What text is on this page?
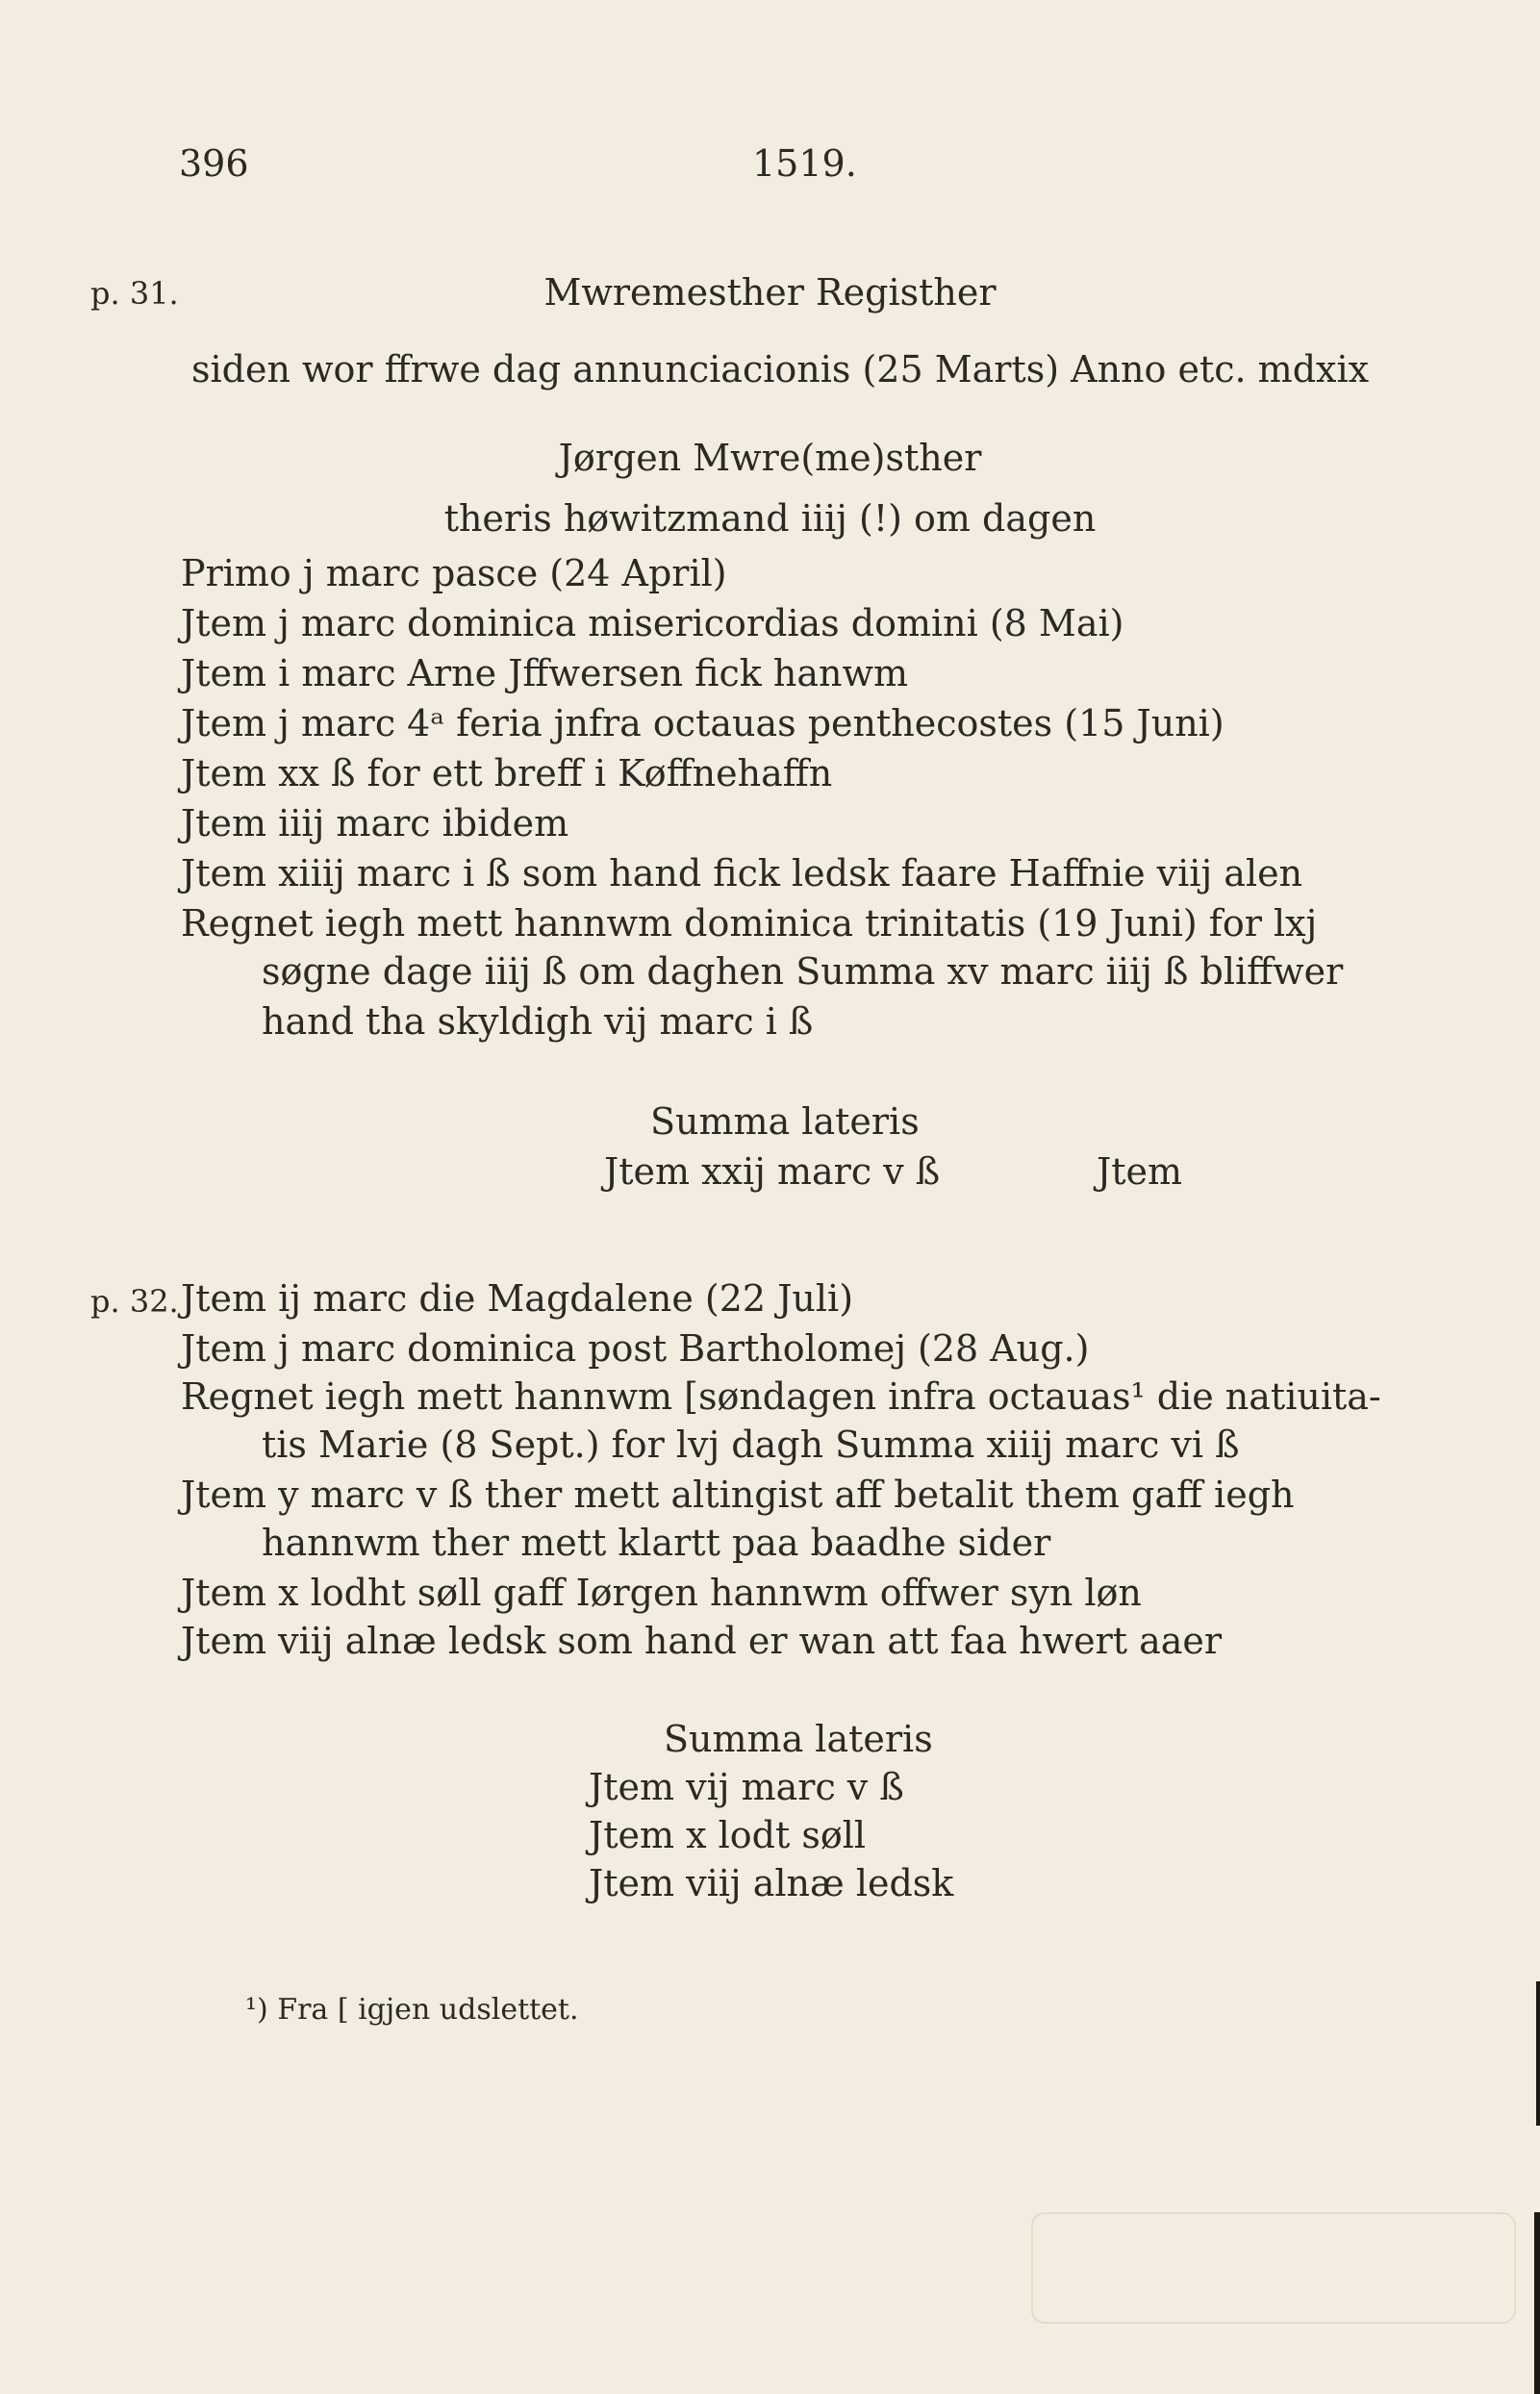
396	1519.
p. 31.	Mwremesther Registher
siden wor ffrwe dag annunciacionis (25 Marts) Anno etc. mdxix
Jørgen Mwre(me)sther
theris høwitzmand iiij (!) om dagen
Primo j marc pasce (24 April)
Jtem j marc dominica misericordias domini (8 Mai)
Jtem i marc Arne Jffwersen fick hanwm
Jtem j marc 4ᵃ feria jnfra octauas penthecostes (15 Juni)
Jtem xx ß for ett breff i Køffnehaffn
Jtem iiij marc ibidem
Jtem xiiij marc i ß som hand fick ledsk faare Haffnie viij alen
Regnet iegh mett hannwm dominica trinitatis (19 Juni) for lxj
søgne dage iiij ß om daghen Summa xv marc iiij ß bliffwer
hand tha skyldigh vij marc i ß
Summa lateris
Jtem xxij marc v ß	Jtem
p. 32. Jtem ij marc die Magdalene (22 Juli)
Jtem j marc dominica post Bartholomej (28 Aug.)
Regnet iegh mett hannwm [søndagen infra octauas¹ die natiuita-
tis Marie (8 Sept.) for lvj dagh Summa xiiij marc vi ß
Jtem y marc v ß ther mett altingist aff betalit them gaff iegh
hannwm ther mett klartt paa baadhe sider
Jtem x lodht søll gaff Iørgen hannwm offwer syn løn
Jtem viij alnæ ledsk som hand er wan att faa hwert aaer
Summa lateris
Jtem vij marc v ß
Jtem x lodt søll
Jtem viij alnæ ledsk
¹) Fra [ igjen udslettet.
